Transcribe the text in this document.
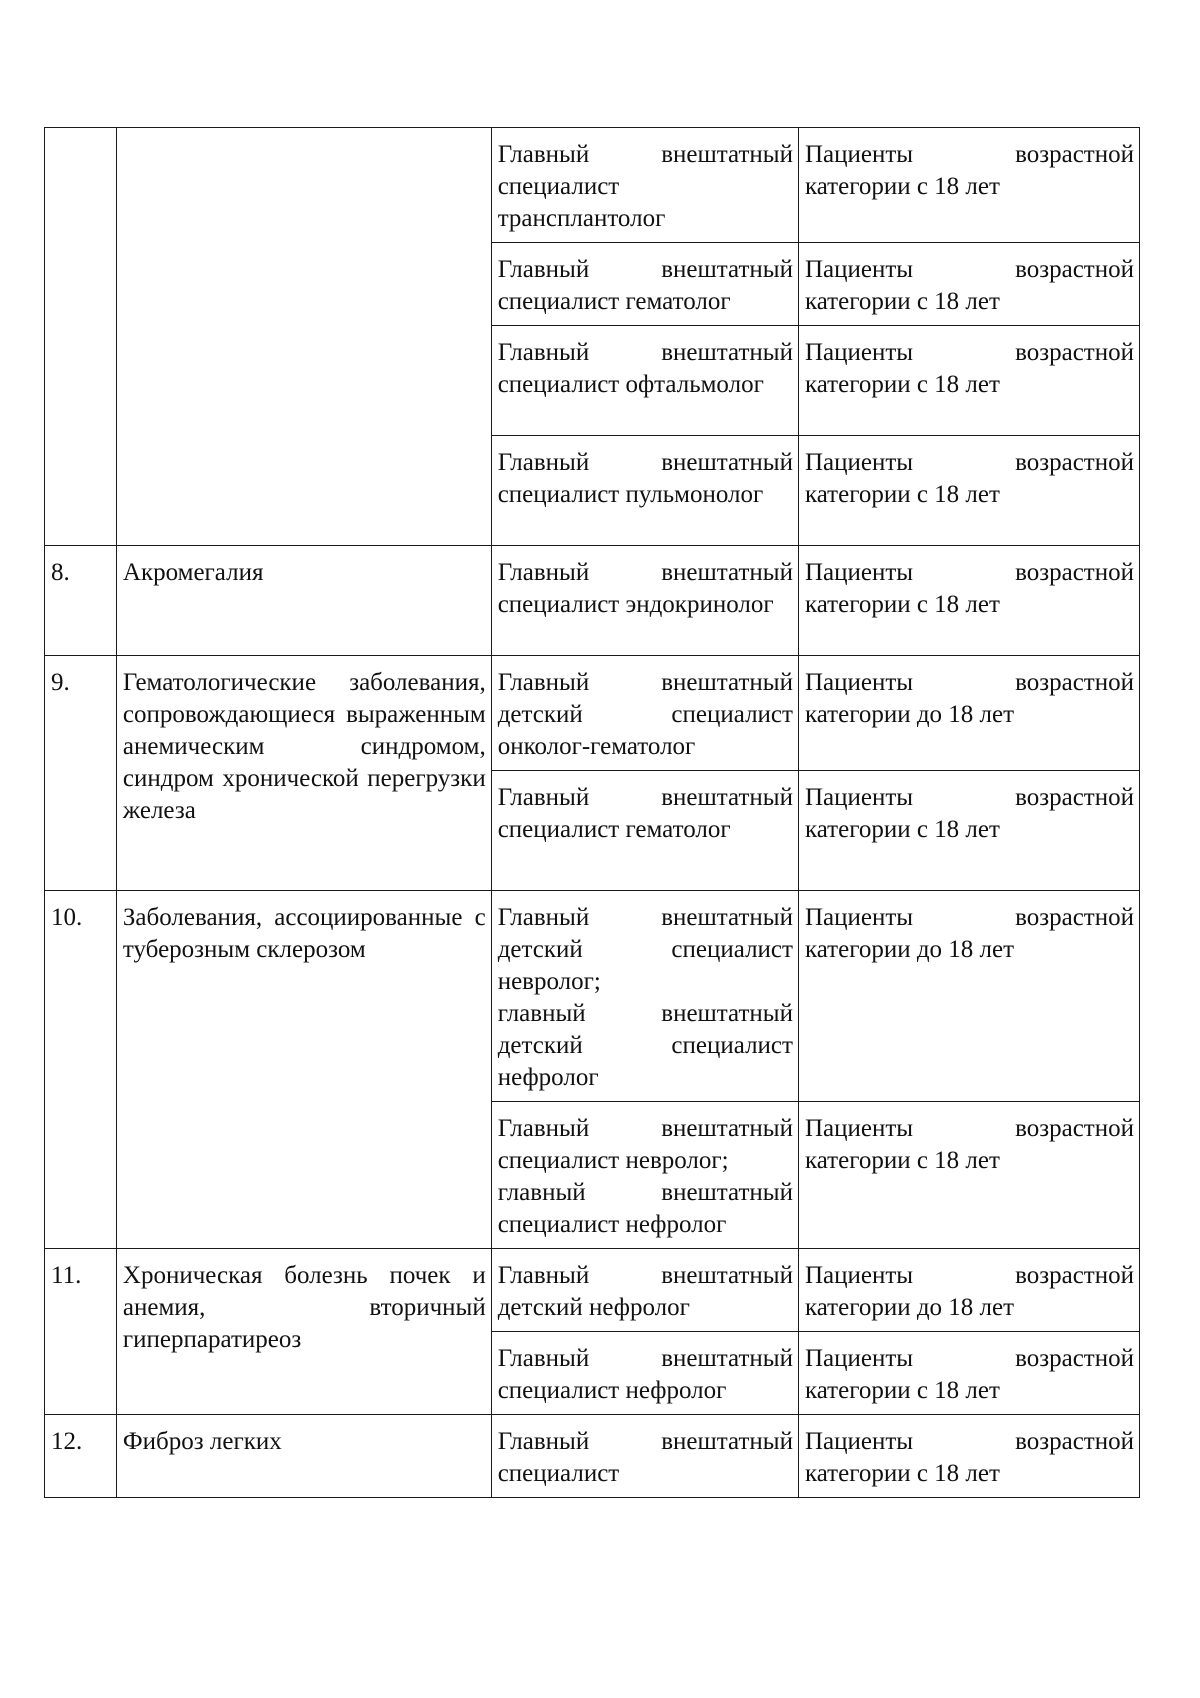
		Главный внештатный специалист трансплантолог	Пациенты возрастной категории с 18 лет

		Главный внештатный специалист гематолог	Пациенты возрастной категории с 18 лет

		Главный внештатный специалист офтальмолог	Пациенты возрастной категории с 18 лет

		Главный внештатный специалист пульмонолог	Пациенты возрастной категории с 18 лет

8.	Акромегалия	Главный внештатный специалист эндокринолог	Пациенты возрастной категории с 18 лет

9.	Гематологические заболевания, сопровождающиеся выраженным анемическим синдромом, синдром хронической перегрузки железа	Главный внештатный детский специалист онколог-гематолог	Пациенты возрастной категории до 18 лет

		Главный внештатный специалист гематолог	Пациенты возрастной категории с 18 лет

10.	Заболевания, ассоциированные с туберозным склерозом	Главный внештатный детский специалист невролог;
главный внештатный детский специалист нефролог	Пациенты возрастной категории до 18 лет

		Главный внештатный специалист невролог;
главный внештатный специалист нефролог	Пациенты возрастной категории с 18 лет

11.	Хроническая болезнь почек и анемия, вторичный гиперпаратиреоз	Главный внештатный детский нефролог	Пациенты возрастной категории до 18 лет

		Главный внештатный специалист нефролог	Пациенты возрастной категории с 18 лет

12.	Фиброз легких	Главный внештатный специалист	Пациенты возрастной категории с 18 лет
